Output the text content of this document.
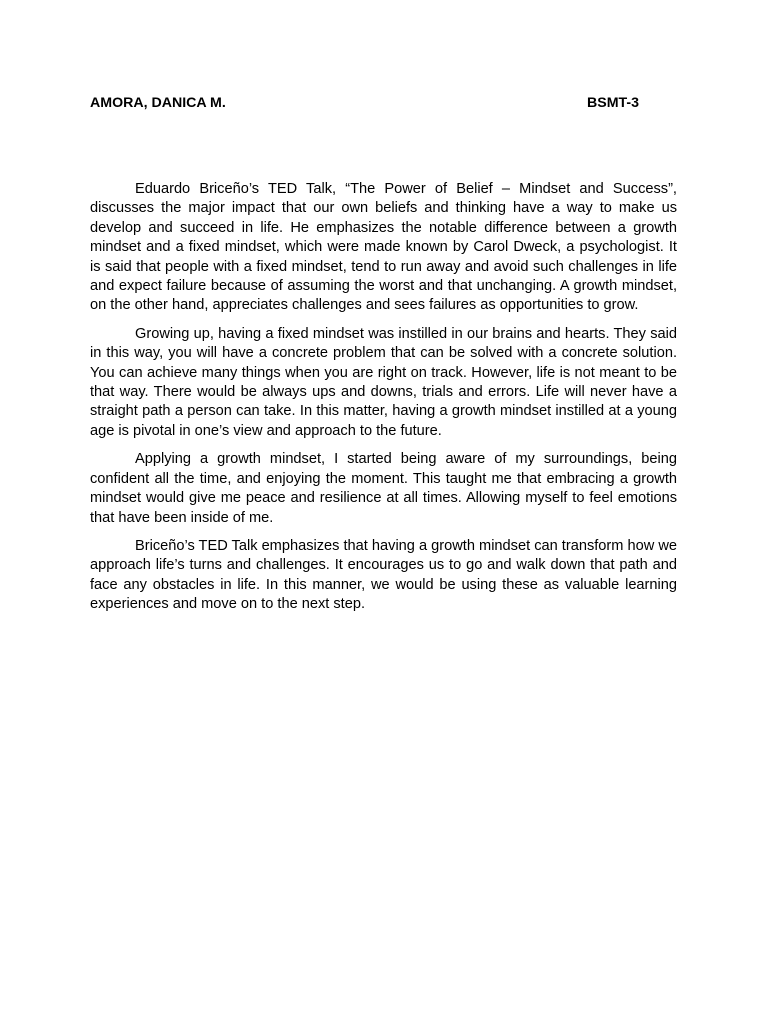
AMORA, DANICA M.	BSMT-3

Eduardo Briceño’s TED Talk, “The Power of Belief – Mindset and Success”, discusses the major impact that our own beliefs and thinking have a way to make us develop and succeed in life. He emphasizes the notable difference between a growth mindset and a fixed mindset, which were made known by Carol Dweck, a psychologist. It is said that people with a fixed mindset, tend to run away and avoid such challenges in life and expect failure because of assuming the worst and that unchanging. A growth mindset, on the other hand, appreciates challenges and sees failures as opportunities to grow.

Growing up, having a fixed mindset was instilled in our brains and hearts. They said in this way, you will have a concrete problem that can be solved with a concrete solution. You can achieve many things when you are right on track. However, life is not meant to be that way. There would be always ups and downs, trials and errors. Life will never have a straight path a person can take. In this matter, having a growth mindset instilled at a young age is pivotal in one’s view and approach to the future.

Applying a growth mindset, I started being aware of my surroundings, being confident all the time, and enjoying the moment. This taught me that embracing a growth mindset would give me peace and resilience at all times. Allowing myself to feel emotions that have been inside of me.

Briceño’s TED Talk emphasizes that having a growth mindset can transform how we approach life’s turns and challenges. It encourages us to go and walk down that path and face any obstacles in life. In this manner, we would be using these as valuable learning experiences and move on to the next step.
